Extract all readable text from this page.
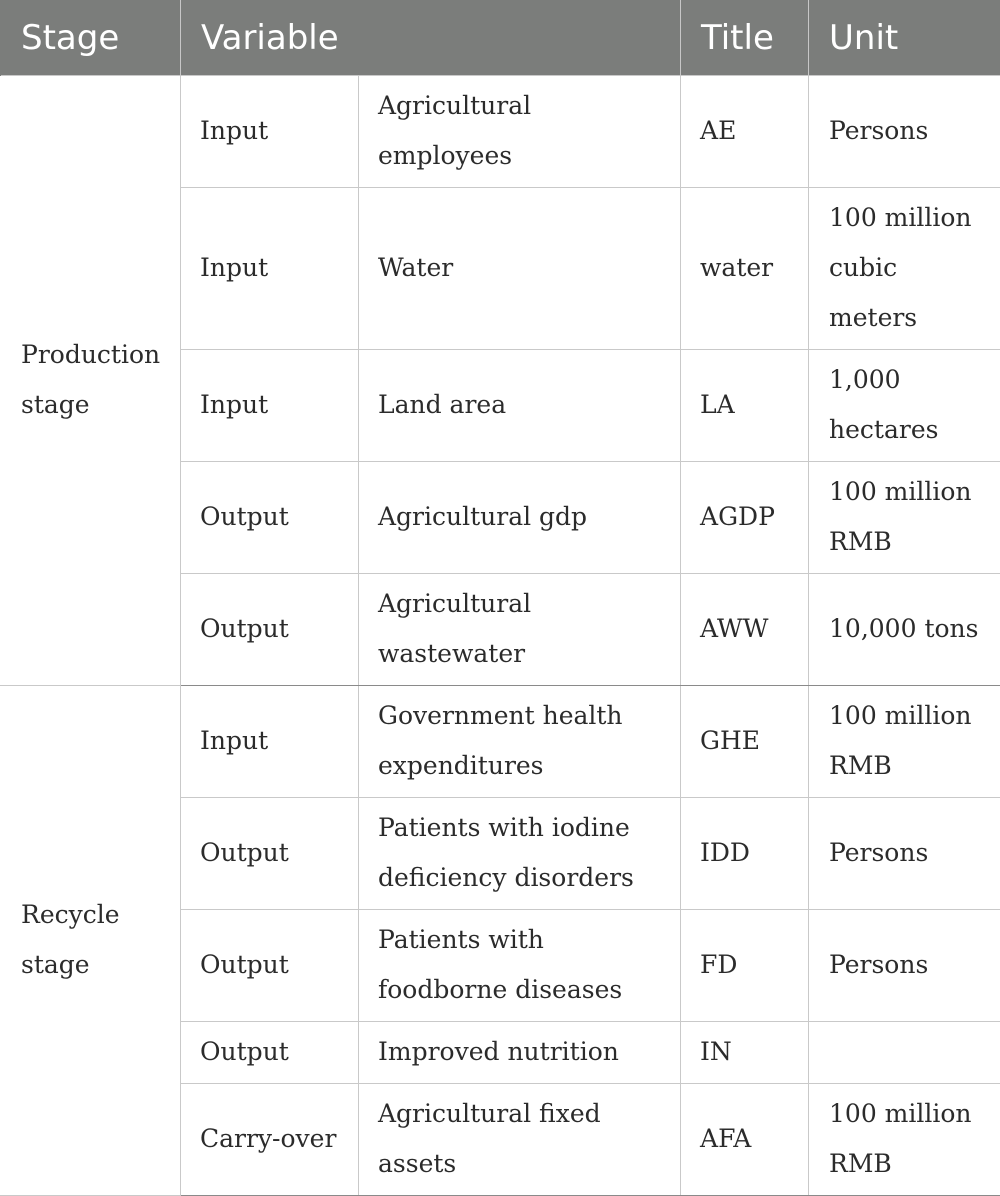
Stage	Variable		Title	Unit
Production stage	Input	Agricultural employees	AE	Persons
	Input	Water	water	100 million cubic meters
	Input	Land area	LA	1,000 hectares
	Output	Agricultural gdp	AGDP	100 million RMB
	Output	Agricultural wastewater	AWW	10,000 tons
Recycle stage	Input	Government health expenditures	GHE	100 million RMB
	Output	Patients with iodine deficiency disorders	IDD	Persons
	Output	Patients with foodborne diseases	FD	Persons
	Output	Improved nutrition	IN	
	Carry-over	Agricultural fixed assets	AFA	100 million RMB
